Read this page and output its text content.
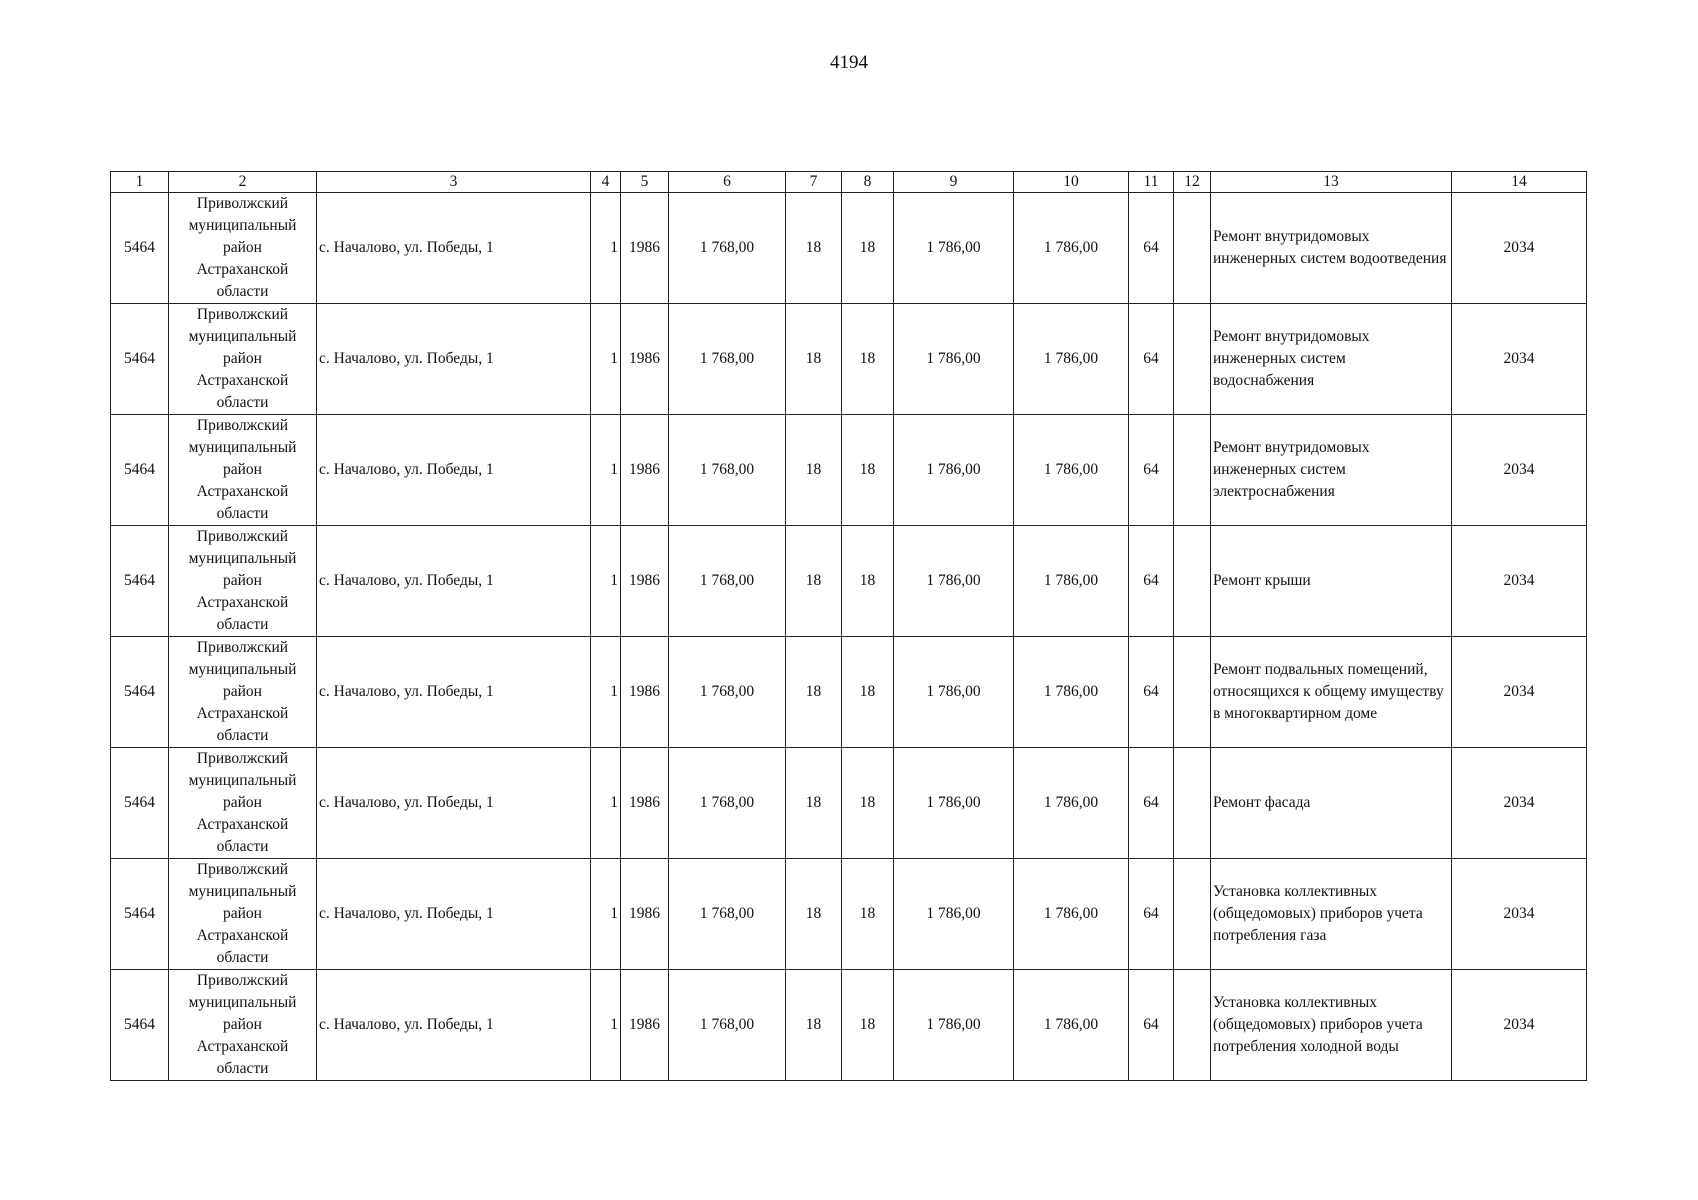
4194
1	2	3	4	5	6	7	8	9	10	11	12	13	14
5464	Приволжский
муниципальный
район
Астраханской
области	с. Началово, ул. Победы, 1	1	1986	1 768,00	18	18	1 786,00	1 786,00	64		Ремонт внутридомовых инженерных систем водоотведения	2034
5464	Приволжский
муниципальный
район
Астраханской
области	с. Началово, ул. Победы, 1	1	1986	1 768,00	18	18	1 786,00	1 786,00	64		Ремонт внутридомовых инженерных систем водоснабжения	2034
5464	Приволжский
муниципальный
район
Астраханской
области	с. Началово, ул. Победы, 1	1	1986	1 768,00	18	18	1 786,00	1 786,00	64		Ремонт внутридомовых инженерных систем электроснабжения	2034
5464	Приволжский
муниципальный
район
Астраханской
области	с. Началово, ул. Победы, 1	1	1986	1 768,00	18	18	1 786,00	1 786,00	64		Ремонт крыши	2034
5464	Приволжский
муниципальный
район
Астраханской
области	с. Началово, ул. Победы, 1	1	1986	1 768,00	18	18	1 786,00	1 786,00	64		Ремонт подвальных помещений, относящихся к общему имуществу в многоквартирном доме	2034
5464	Приволжский
муниципальный
район
Астраханской
области	с. Началово, ул. Победы, 1	1	1986	1 768,00	18	18	1 786,00	1 786,00	64		Ремонт фасада	2034
5464	Приволжский
муниципальный
район
Астраханской
области	с. Началово, ул. Победы, 1	1	1986	1 768,00	18	18	1 786,00	1 786,00	64		Установка коллективных (общедомовых) приборов учета потребления газа	2034
5464	Приволжский
муниципальный
район
Астраханской
области	с. Началово, ул. Победы, 1	1	1986	1 768,00	18	18	1 786,00	1 786,00	64		Установка коллективных (общедомовых) приборов учета потребления холодной воды	2034
